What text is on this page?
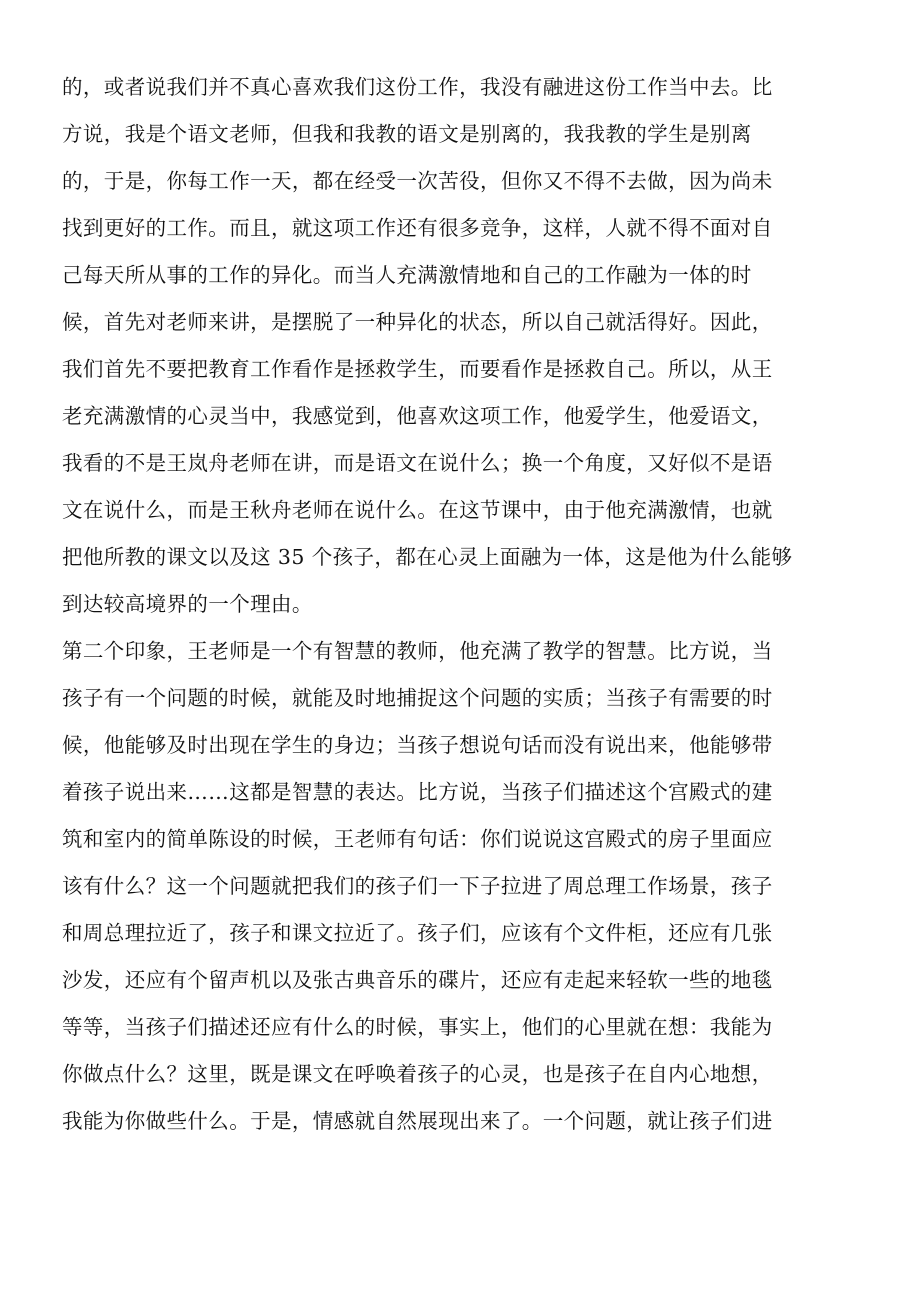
的，或者说我们并不真心喜欢我们这份工作，我没有融进这份工作当中去。比
方说，我是个语文老师，但我和我教的语文是别离的，我我教的学生是别离
的，于是，你每工作一天，都在经受一次苦役，但你又不得不去做，因为尚未
找到更好的工作。而且，就这项工作还有很多竞争，这样，人就不得不面对自
己每天所从事的工作的异化。而当人充满激情地和自己的工作融为一体的时
候，首先对老师来讲，是摆脱了一种异化的状态，所以自己就活得好。因此，
我们首先不要把教育工作看作是拯救学生，而要看作是拯救自己。所以，从王
老充满激情的心灵当中，我感觉到，他喜欢这项工作，他爱学生，他爱语文，
我看的不是王岚舟老师在讲，而是语文在说什么；换一个角度，又好似不是语
文在说什么，而是王秋舟老师在说什么。在这节课中，由于他充满激情，也就
把他所教的课文以及这 35 个孩子，都在心灵上面融为一体，这是他为什么能够
到达较高境界的一个理由。
第二个印象，王老师是一个有智慧的教师，他充满了教学的智慧。比方说，当
孩子有一个问题的时候，就能及时地捕捉这个问题的实质；当孩子有需要的时
候，他能够及时出现在学生的身边；当孩子想说句话而没有说出来，他能够带
着孩子说出来……这都是智慧的表达。比方说，当孩子们描述这个宫殿式的建
筑和室内的简单陈设的时候，王老师有句话：你们说说这宫殿式的房子里面应
该有什么？这一个问题就把我们的孩子们一下子拉进了周总理工作场景，孩子
和周总理拉近了，孩子和课文拉近了。孩子们，应该有个文件柜，还应有几张
沙发，还应有个留声机以及张古典音乐的碟片，还应有走起来轻软一些的地毯
等等，当孩子们描述还应有什么的时候，事实上，他们的心里就在想：我能为
你做点什么？这里，既是课文在呼唤着孩子的心灵，也是孩子在自内心地想，
我能为你做些什么。于是，情感就自然展现出来了。一个问题，就让孩子们进
